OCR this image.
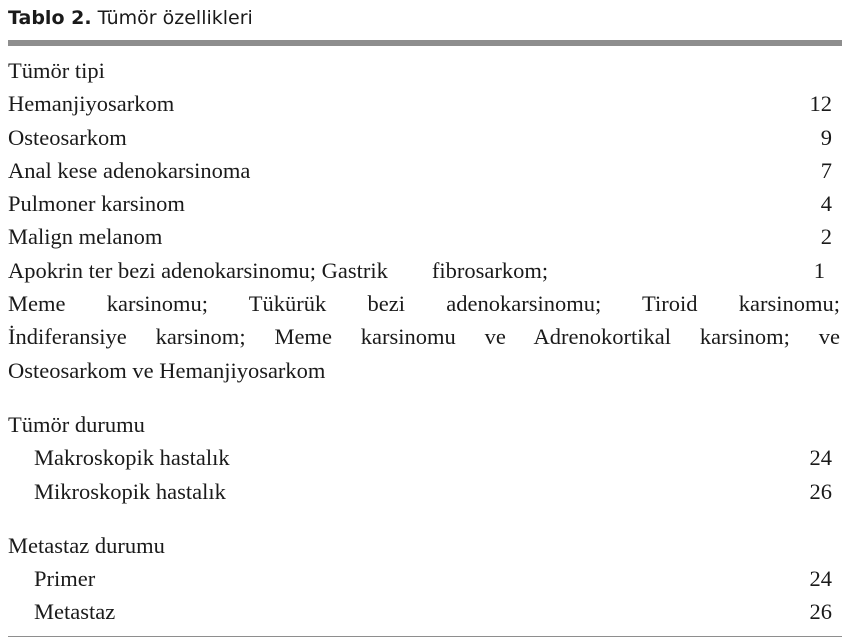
Tablo 2. Tümör özellikleri
Tümör tipi
Hemanjiyosarkom	12
Osteosarkom	9
Anal kese adenokarsinoma	7
Pulmoner karsinom	4
Malign melanom	2
Apokrin ter bezi adenokarsinomu; Gastrik fibrosarkom;	1
Meme karsinomu; Tükürük bezi adenokarsinomu; Tiroid karsinomu;
İndiferansiye karsinom; Meme karsinomu ve Adrenokortikal karsinom; ve
Osteosarkom ve Hemanjiyosarkom
Tümör durumu
Makroskopik hastalık	24
Mikroskopik hastalık	26
Metastaz durumu
Primer	24
Metastaz	26
